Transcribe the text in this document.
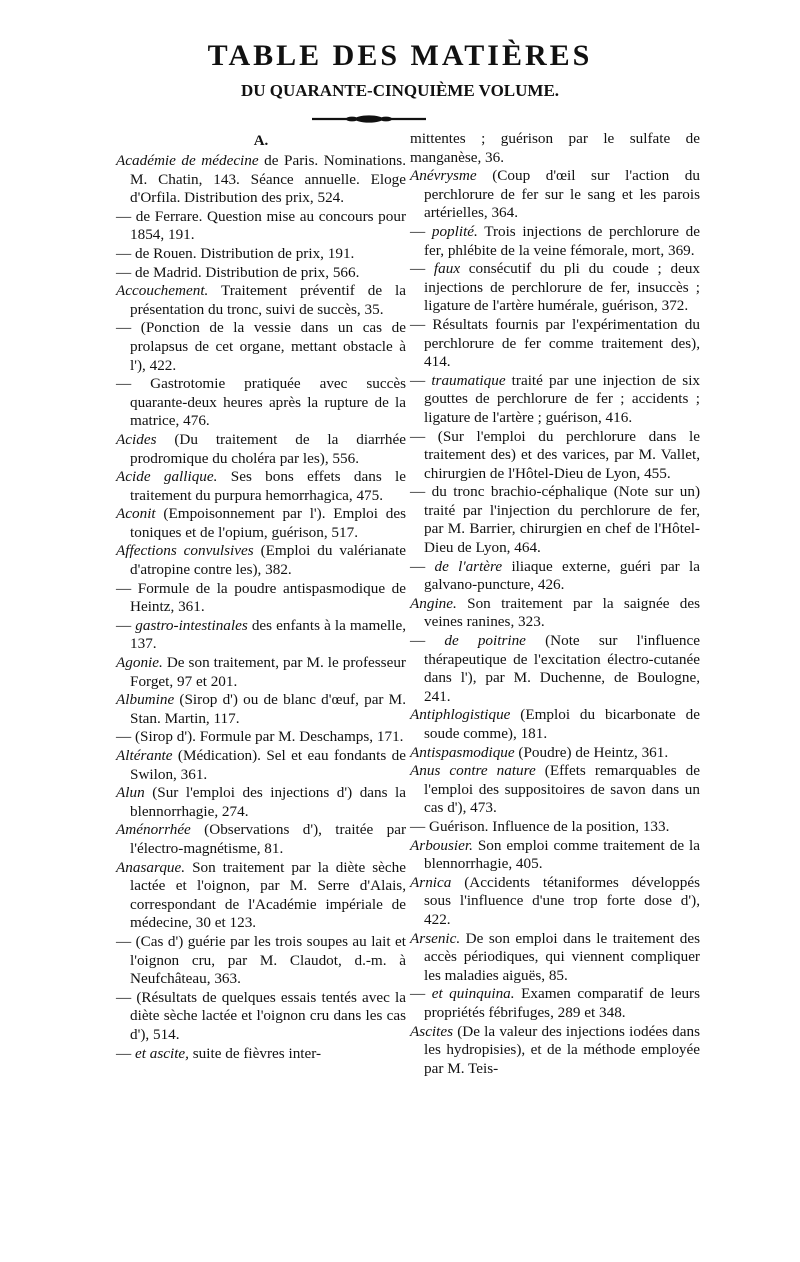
TABLE DES MATIÈRES
DU QUARANTE-CINQUIÈME VOLUME.
A.

Académie de médecine de Paris. Nominations. M. Chatin, 143. Séance annuelle. Eloge d'Orfila. Distribution des prix, 524.

— de Ferrare. Question mise au concours pour 1854, 191.

— de Rouen. Distribution de prix, 191.

— de Madrid. Distribution de prix, 566.

Accouchement. Traitement préventif de la présentation du tronc, suivi de succès, 35.

— (Ponction de la vessie dans un cas de prolapsus de cet organe, mettant obstacle à l'), 422.

— Gastrotomie pratiquée avec succès quarante-deux heures après la rupture de la matrice, 476.

Acides (Du traitement de la diarrhée prodromique du choléra par les), 556.

Acide gallique. Ses bons effets dans le traitement du purpura hemorrhagica, 475.

Aconit (Empoisonnement par l'). Emploi des toniques et de l'opium, guérison, 517.

Affections convulsives (Emploi du valérianate d'atropine contre les), 382.

— Formule de la poudre antispasmodique de Heintz, 361.

— gastro-intestinales des enfants à la mamelle, 137.

Agonie. De son traitement, par M. le professeur Forget, 97 et 201.

Albumine (Sirop d') ou de blanc d'œuf, par M. Stan. Martin, 117.

— (Sirop d'). Formule par M. Deschamps, 171.

Altérante (Médication). Sel et eau fondants de Swilon, 361.

Alun (Sur l'emploi des injections d') dans la blennorrhagie, 274.

Aménorrhée (Observations d'), traitée par l'électro-magnétisme, 81.

Anasarque. Son traitement par la diète sèche lactée et l'oignon, par M. Serre d'Alais, correspondant de l'Académie impériale de médecine, 30 et 123.

— (Cas d') guérie par les trois soupes au lait et l'oignon cru, par M. Claudot, d.-m. à Neufchâteau, 363.

— (Résultats de quelques essais tentés avec la diète sèche lactée et l'oignon cru dans les cas d'), 514.

— et ascite, suite de fièvres inter-

mittentes ; guérison par le sulfate de manganèse, 36.

Anévrysme (Coup d'œil sur l'action du perchlorure de fer sur le sang et les parois artérielles, 364.

— poplité. Trois injections de perchlorure de fer, phlébite de la veine fémorale, mort, 369.

— faux consécutif du pli du coude ; deux injections de perchlorure de fer, insuccès ; ligature de l'artère humérale, guérison, 372.

— Résultats fournis par l'expérimentation du perchlorure de fer comme traitement des), 414.

— traumatique traité par une injection de six gouttes de perchlorure de fer ; accidents ; ligature de l'artère ; guérison, 416.

— (Sur l'emploi du perchlorure dans le traitement des) et des varices, par M. Vallet, chirurgien de l'Hôtel-Dieu de Lyon, 455.

— du tronc brachio-céphalique (Note sur un) traité par l'injection du perchlorure de fer, par M. Barrier, chirurgien en chef de l'Hôtel-Dieu de Lyon, 464.

— de l'artère iliaque externe, guéri par la galvano-puncture, 426.

Angine. Son traitement par la saignée des veines ranines, 323.

— de poitrine (Note sur l'influence thérapeutique de l'excitation électro-cutanée dans l'), par M. Duchenne, de Boulogne, 241.

Antiphlogistique (Emploi du bicarbonate de soude comme), 181.

Antispasmodique (Poudre) de Heintz, 361.

Anus contre nature (Effets remarquables de l'emploi des suppositoires de savon dans un cas d'), 473.

— Guérison. Influence de la position, 133.

Arbousier. Son emploi comme traitement de la blennorrhagie, 405.

Arnica (Accidents tétaniformes développés sous l'influence d'une trop forte dose d'), 422.

Arsenic. De son emploi dans le traitement des accès périodiques, qui viennent compliquer les maladies aiguës, 85.

— et quinquina. Examen comparatif de leurs propriétés fébrifuges, 289 et 348.

Ascites (De la valeur des injections iodées dans les hydropisies), et de la méthode employée par M. Teis-
